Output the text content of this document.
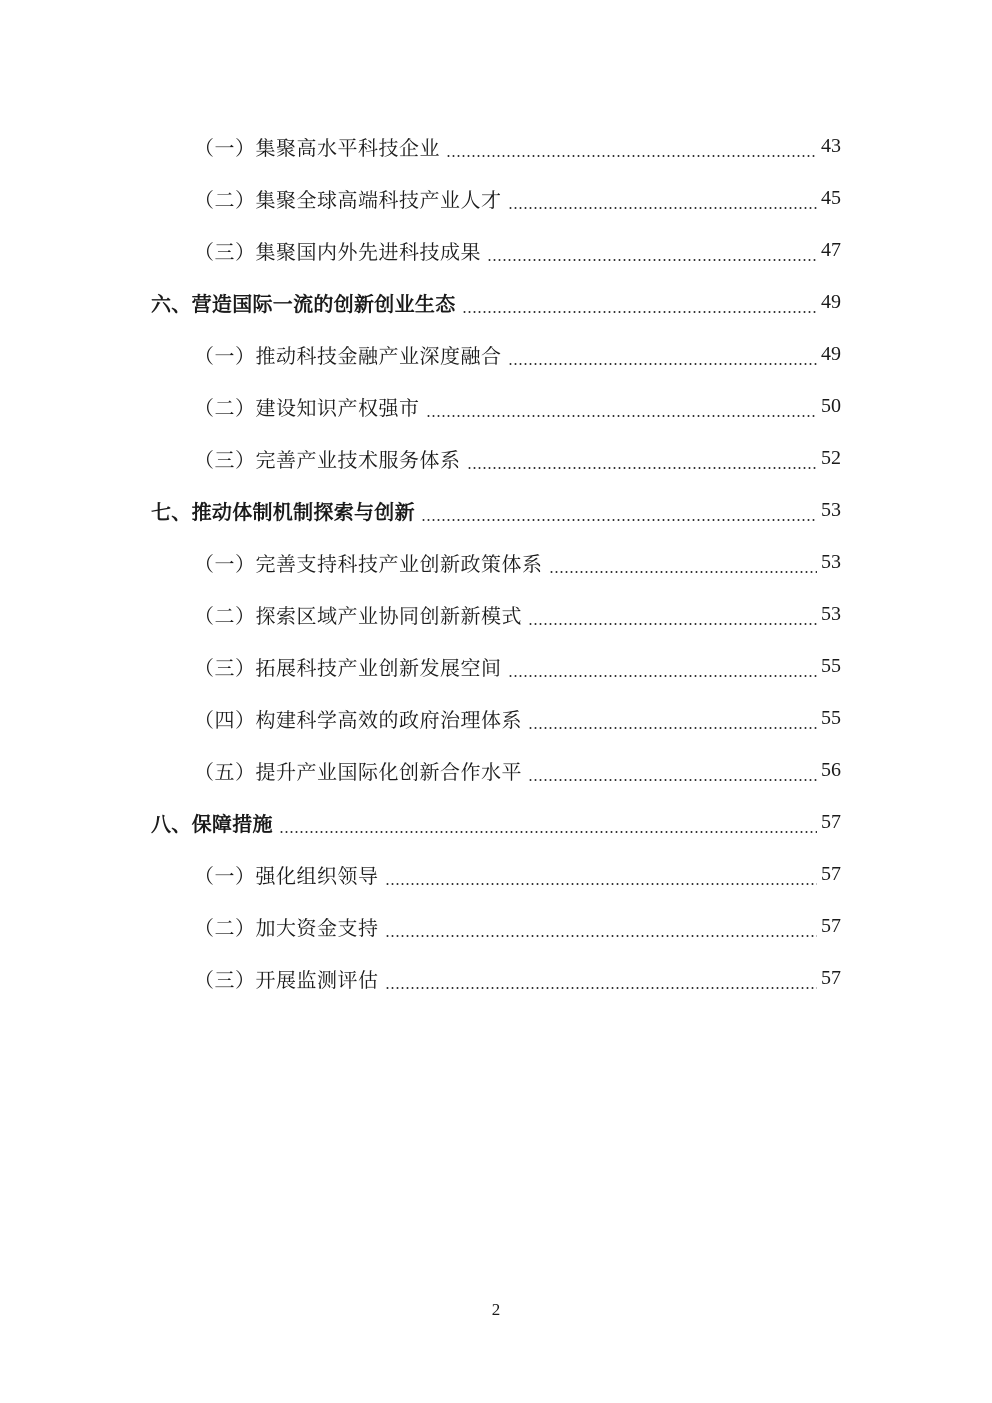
（一）集聚高水平科技企业	43
（二）集聚全球高端科技产业人才	45
（三）集聚国内外先进科技成果	47
六、营造国际一流的创新创业生态	49
（一）推动科技金融产业深度融合	49
（二）建设知识产权强市	50
（三）完善产业技术服务体系	52
七、推动体制机制探索与创新	53
（一）完善支持科技产业创新政策体系	53
（二）探索区域产业协同创新新模式	53
（三）拓展科技产业创新发展空间	55
（四）构建科学高效的政府治理体系	55
（五）提升产业国际化创新合作水平	56
八、保障措施	57
（一）强化组织领导	57
（二）加大资金支持	57
（三）开展监测评估	57
2
